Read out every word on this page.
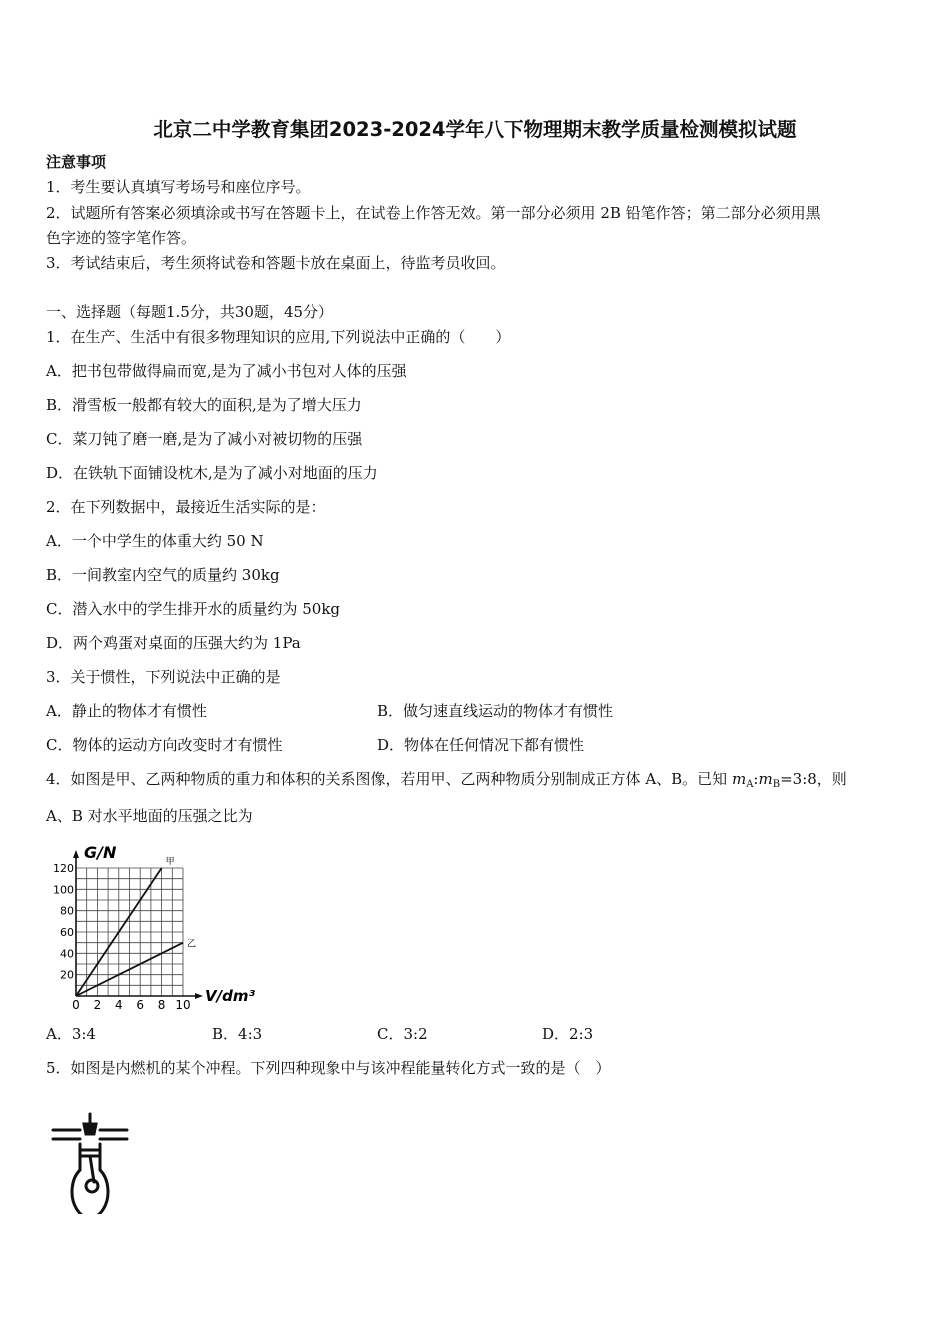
北京二中学教育集团2023-2024学年八下物理期末教学质量检测模拟试题
注意事项
1．考生要认真填写考场号和座位序号。
2．试题所有答案必须填涂或书写在答题卡上，在试卷上作答无效。第一部分必须用 2B 铅笔作答；第二部分必须用黑
色字迹的签字笔作答。
3．考试结束后，考生须将试卷和答题卡放在桌面上，待监考员收回。
一、选择题（每题1.5分，共30题，45分）
1．在生产、生活中有很多物理知识的应用,下列说法中正确的（　　）
A．把书包带做得扁而宽,是为了减小书包对人体的压强
B．滑雪板一般都有较大的面积,是为了增大压力
C．菜刀钝了磨一磨,是为了减小对被切物的压强
D．在铁轨下面铺设枕木,是为了减小对地面的压力
2．在下列数据中，最接近生活实际的是：
A．一个中学生的体重大约 50 N
B．一间教室内空气的质量约 30kg
C．潜入水中的学生排开水的质量约为 50kg
D．两个鸡蛋对桌面的压强大约为 1Pa
3．关于惯性，下列说法中正确的是
A．静止的物体才有惯性	B．做匀速直线运动的物体才有惯性
C．物体的运动方向改变时才有惯性	D．物体在任何情况下都有惯性
4．如图是甲、乙两种物质的重力和体积的关系图像，若用甲、乙两种物质分别制成正方体 A、B。已知 $m_A:m_B=3:8$，则
A、B 对水平地面的压强之比为
甲
乙
0 2 4 6 8 10
20
40
60
80
100
120
G/N
V/dm³
A．3:4	B．4:3	C．3:2	D．2:3
5．如图是内燃机的某个冲程。下列四种现象中与该冲程能量转化方式一致的是（　）
